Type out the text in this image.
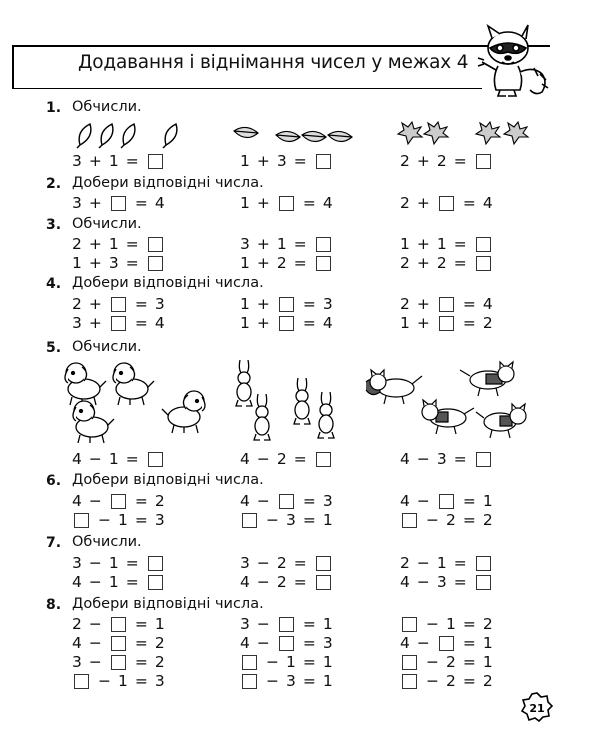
Додавання і віднімання чисел у межах 4
1. Обчисли.
2. Добери відповідні числа.
3. Обчисли.
4. Добери відповідні числа.
5. Обчисли.
6. Добери відповідні числа.
7. Обчисли.
8. Добери відповідні числа.
3 + 1 =	1 + 3 =	2 + 2 =
3 + = 4	1 + = 4	2 + = 4
2 + 1 =	3 + 1 =	1 + 1 =
1 + 3 =	1 + 2 =	2 + 2 =
2 + = 3	1 + = 3	2 + = 4
3 + = 4	1 + = 4	1 + = 2
4 − 1 =	4 − 2 =	4 − 3 =
4 − = 2	4 − = 3	4 − = 1
− 1 = 3	− 3 = 1	− 2 = 2
3 − 1 =	3 − 2 =	2 − 1 =
4 − 1 =	4 − 2 =	4 − 3 =
2 − = 1	3 − = 1	− 1 = 2
4 − = 2	4 − = 3	4 − = 1
3 − = 2	− 1 = 1	− 2 = 1
− 1 = 3	− 3 = 1	− 2 = 2
21
